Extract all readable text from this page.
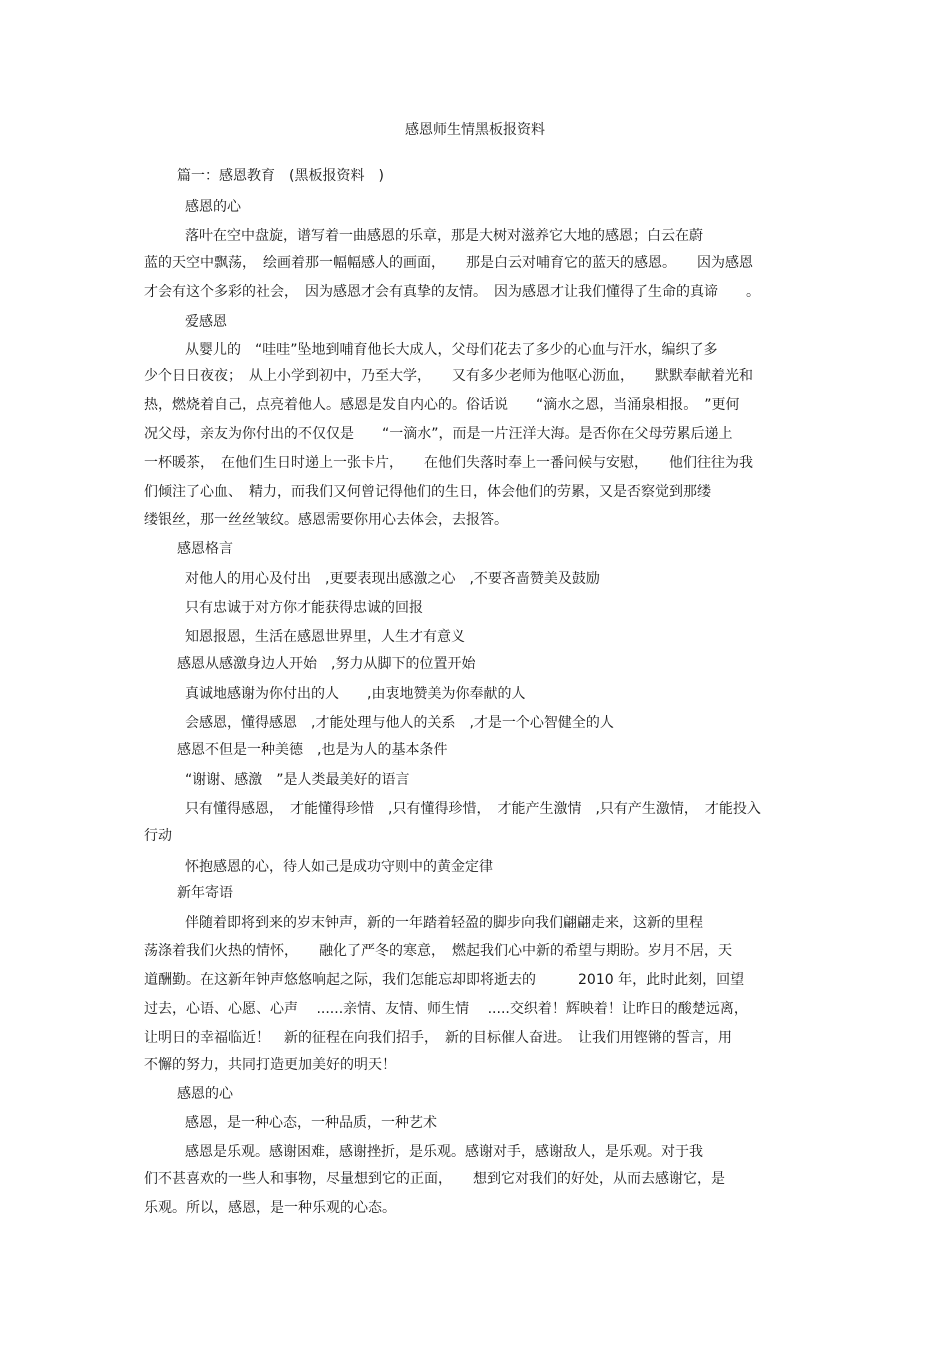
感恩师生情黑板报资料
篇一：感恩教育　(黑板报资料　)
感恩的心
落叶在空中盘旋，谱写着一曲感恩的乐章，那是大树对滋养它大地的感恩；白云在蔚
蓝的天空中飘荡，　绘画着那一幅幅感人的画面，　　那是白云对哺育它的蓝天的感恩。　　因为感恩
才会有这个多彩的社会，　因为感恩才会有真挚的友情。　因为感恩才让我们懂得了生命的真谛　　。
爱感恩
从婴儿的　“哇哇”坠地到哺育他长大成人，父母们花去了多少的心血与汗水，编织了多
少个日日夜夜；　从上小学到初中，乃至大学，　　又有多少老师为他呕心沥血，　　默默奉献着光和
热，燃烧着自己，点亮着他人。感恩是发自内心的。俗话说　　“滴水之恩，当涌泉相报。　”更何
况父母，亲友为你付出的不仅仅是　　“一滴水”，而是一片汪洋大海。是否你在父母劳累后递上
一杯暖茶，　在他们生日时递上一张卡片，　　在他们失落时奉上一番问候与安慰，　　他们往往为我
们倾注了心血、　精力，而我们又何曾记得他们的生日，体会他们的劳累，又是否察觉到那缕
缕银丝，那一丝丝皱纹。感恩需要你用心去体会，去报答。
感恩格言
对他人的用心及付出　,更要表现出感激之心　,不要吝啬赞美及鼓励
只有忠诚于对方你才能获得忠诚的回报
知恩报恩，生活在感恩世界里，人生才有意义
感恩从感激身边人开始　,努力从脚下的位置开始
真诚地感谢为你付出的人　　,由衷地赞美为你奉献的人
会感恩，懂得感恩　,才能处理与他人的关系　,才是一个心智健全的人
感恩不但是一种美德　,也是为人的基本条件
“谢谢、感激　”是人类最美好的语言
只有懂得感恩，　才能懂得珍惜　,只有懂得珍惜，　才能产生激情　,只有产生激情，　才能投入
行动
怀抱感恩的心，待人如己是成功守则中的黄金定律
新年寄语
伴随着即将到来的岁末钟声，新的一年踏着轻盈的脚步向我们翩翩走来，这新的里程
荡涤着我们火热的情怀，　　融化了严冬的寒意，　燃起我们心中新的希望与期盼。岁月不居，天
道酬勤。在这新年钟声悠悠响起之际，我们怎能忘却即将逝去的　　　2010 年，此时此刻，回望
过去，心语、心愿、心声　 ......亲情、友情、师生情　 .....交织着！辉映着！让昨日的酸楚远离，
让明日的幸福临近！　新的征程在向我们招手，　新的目标催人奋进。　让我们用铿锵的誓言，用
不懈的努力，共同打造更加美好的明天！
感恩的心
感恩，是一种心态，一种品质，一种艺术
感恩是乐观。感谢困难，感谢挫折，是乐观。感谢对手，感谢敌人，是乐观。对于我
们不甚喜欢的一些人和事物，尽量想到它的正面，　　想到它对我们的好处，从而去感谢它，是
乐观。所以，感恩，是一种乐观的心态。
